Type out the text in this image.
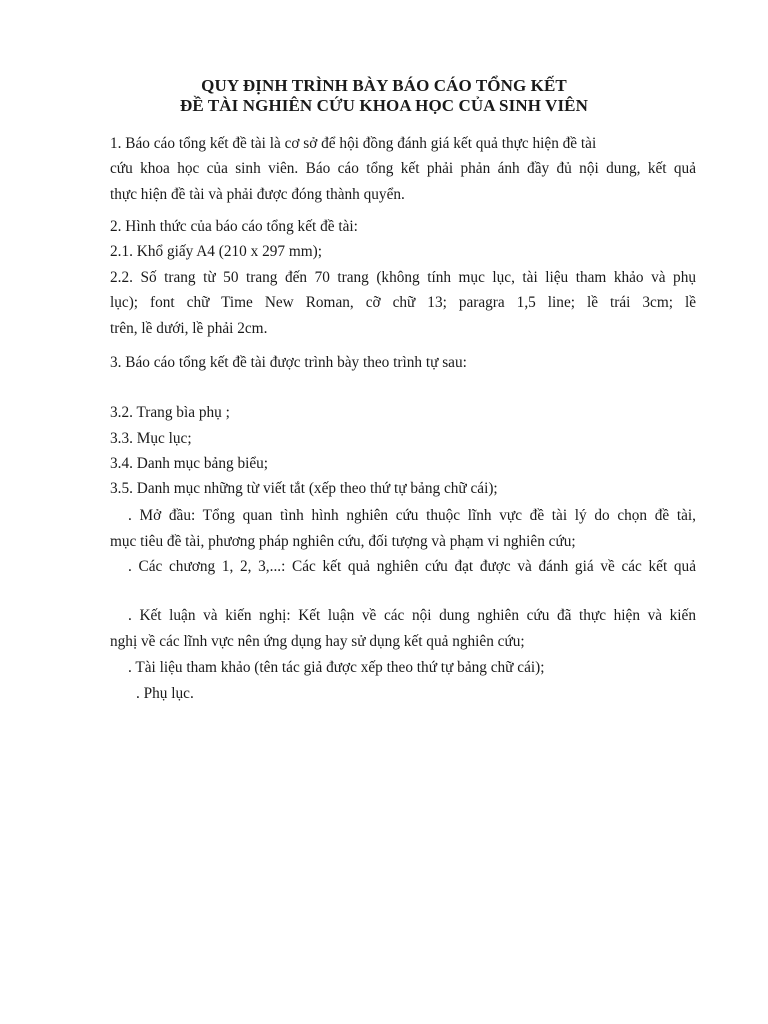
QUY ĐỊNH TRÌNH BÀY BÁO CÁO TỔNG KẾT
ĐỀ TÀI NGHIÊN CỨU KHOA HỌC CỦA SINH VIÊN
1. Báo cáo tổng kết đề tài là cơ sở để hội đồng đánh giá kết quả thực hiện đề tài
cứu khoa học của sinh viên. Báo cáo tổng kết phải phản ánh đầy đủ nội dung, kết quả
thực hiện đề tài và phải được đóng thành quyển.
2. Hình thức của báo cáo tổng kết đề tài:
2.1. Khổ giấy A4 (210 x 297 mm);
2.2. Số trang từ 50 trang đến 70 trang (không tính mục lục, tài liệu tham khảo và phụ
lục); font chữ Time New Roman, cỡ chữ 13; paragra 1,5 line; lề trái 3cm; lề
trên, lề dưới, lề phải 2cm.
3. Báo cáo tổng kết đề tài được trình bày theo trình tự sau:
3.2. Trang bìa phụ ;
3.3. Mục lục;
3.4. Danh mục bảng biểu;
3.5. Danh mục những từ viết tắt (xếp theo thứ tự bảng chữ cái);
. Mở đầu: Tổng quan tình hình nghiên cứu thuộc lĩnh vực đề tài lý do chọn đề tài,
mục tiêu đề tài, phương pháp nghiên cứu, đối tượng và phạm vi nghiên cứu;
. Các chương 1, 2, 3,...: Các kết quả nghiên cứu đạt được và đánh giá về các kết quả
. Kết luận và kiến nghị: Kết luận về các nội dung nghiên cứu đã thực hiện và kiến
nghị về các lĩnh vực nên ứng dụng hay sử dụng kết quả nghiên cứu;
. Tài liệu tham khảo (tên tác giả được xếp theo thứ tự bảng chữ cái);
. Phụ lục.
